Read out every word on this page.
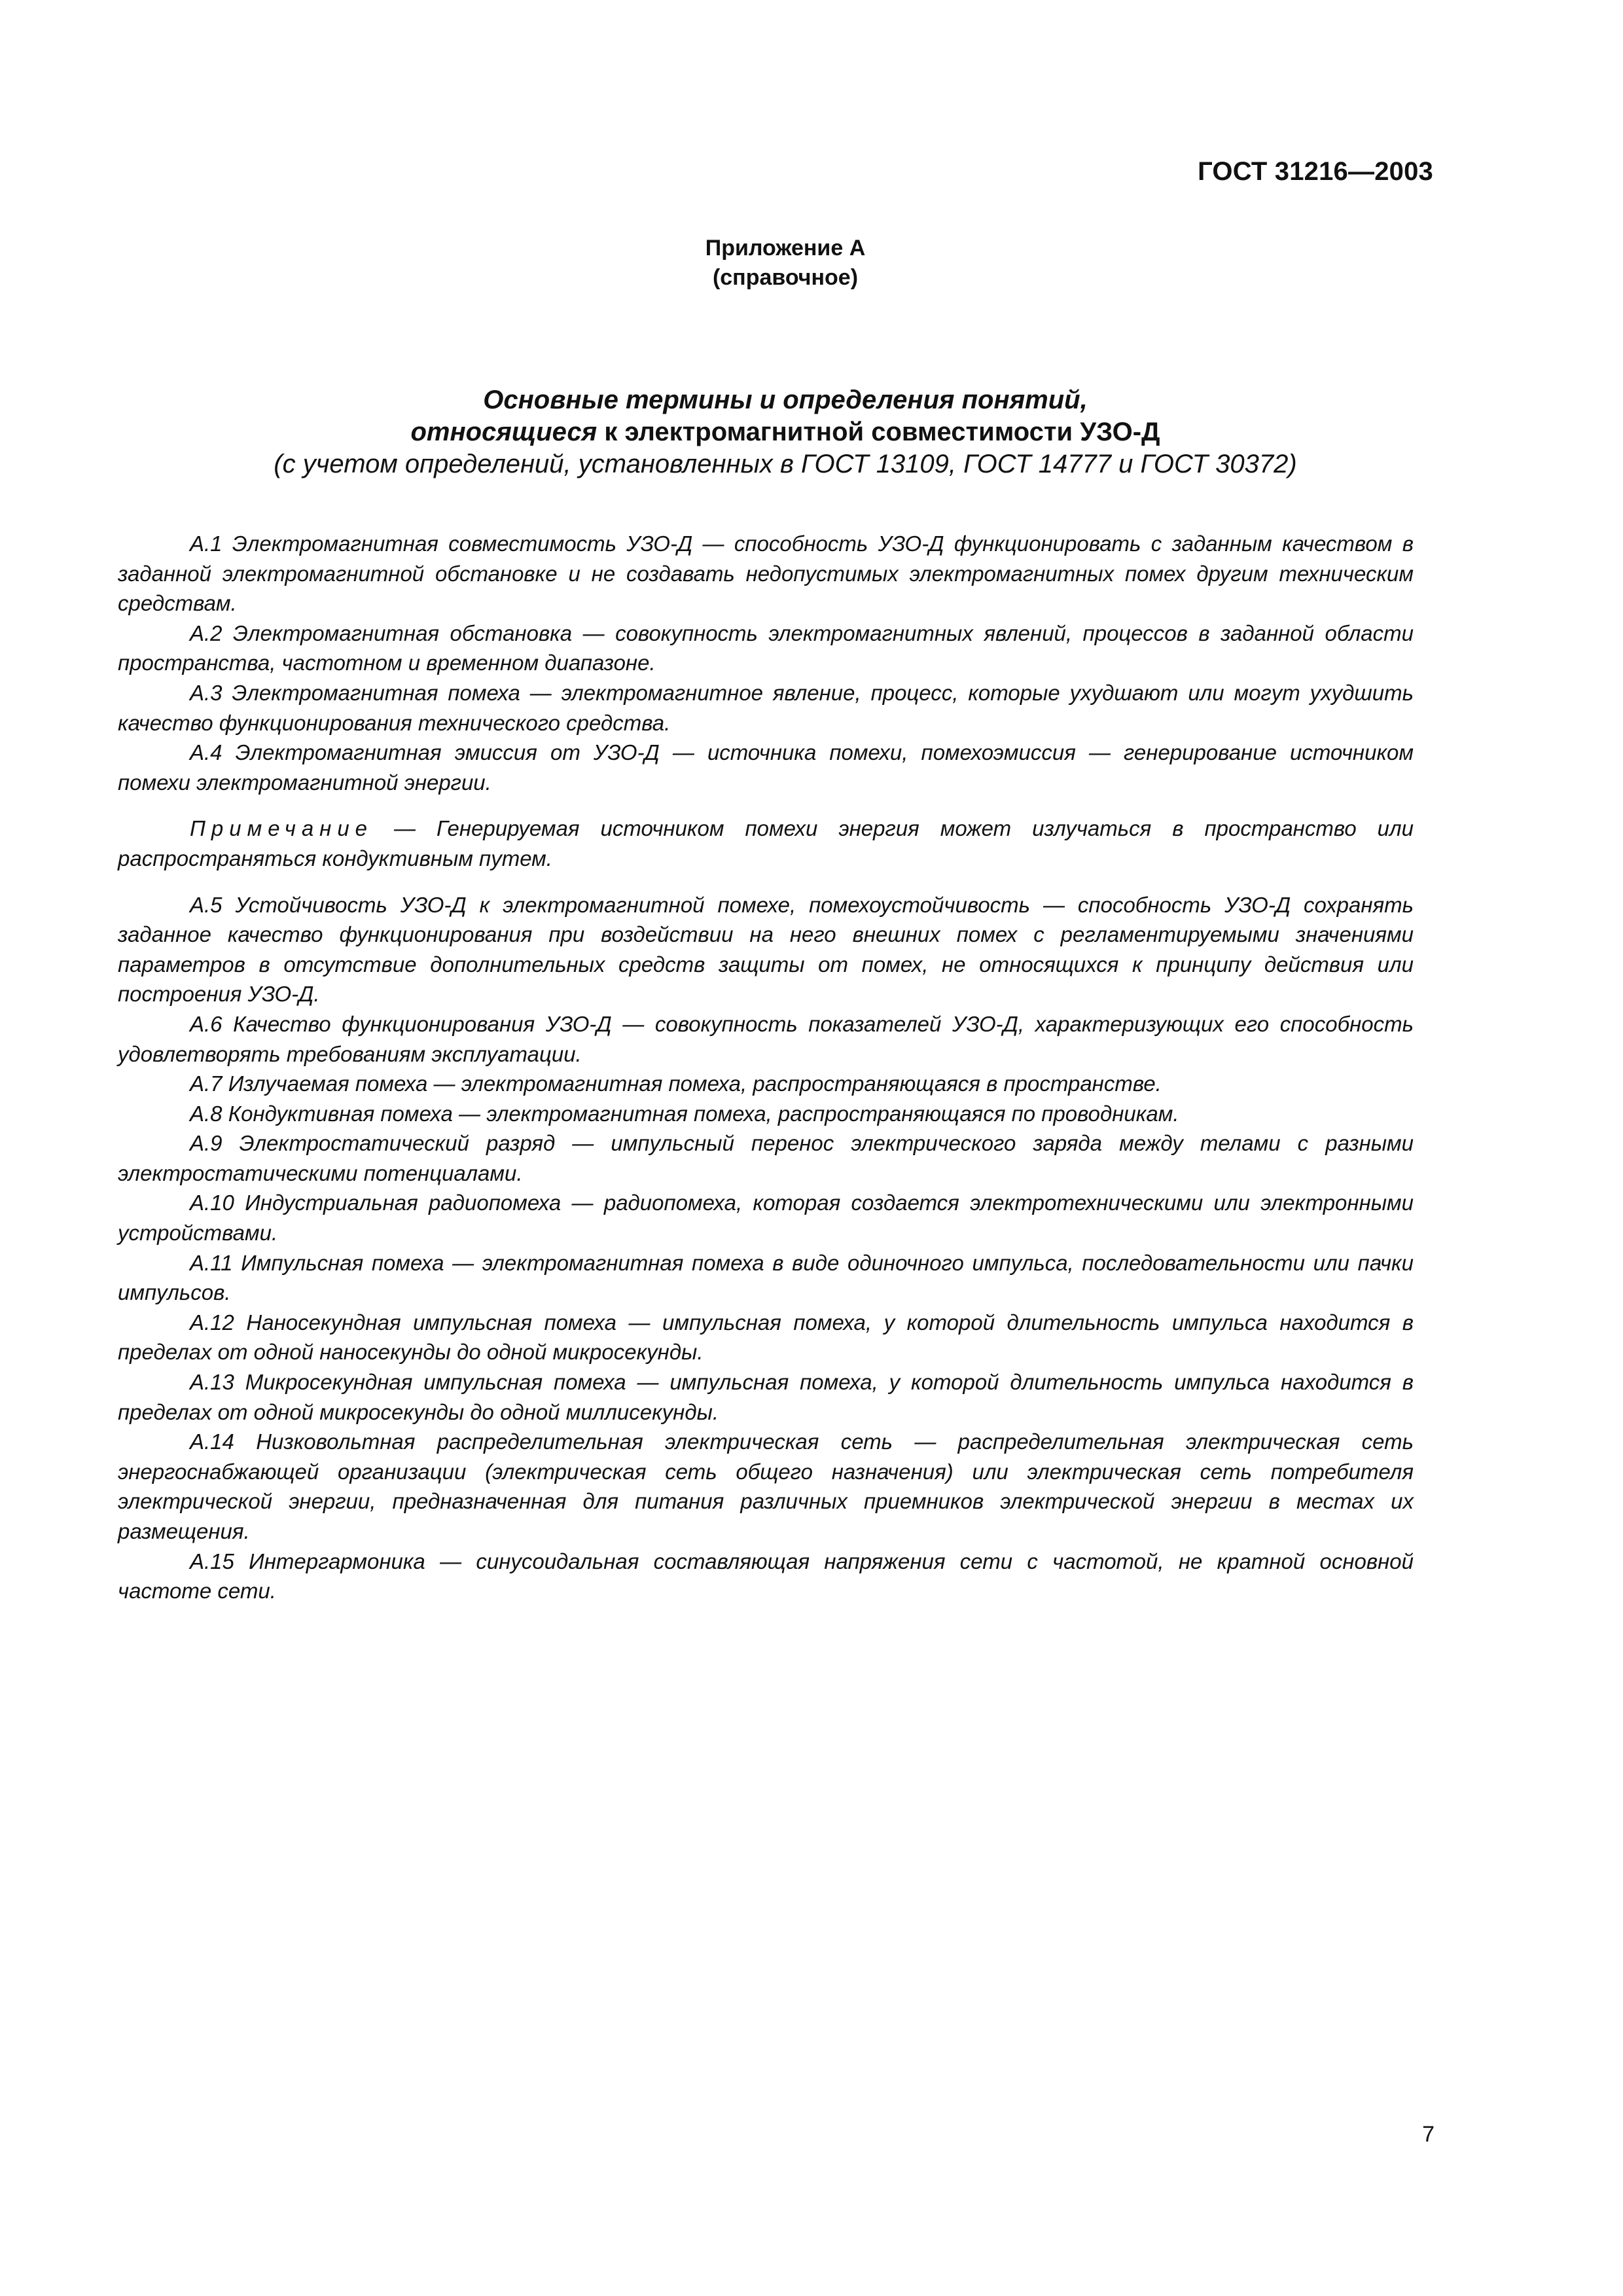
ГОСТ 31216—2003
Приложение А
(справочное)
Основные термины и определения понятий,
относящиеся к электромагнитной совместимости УЗО-Д
(с учетом определений, установленных в ГОСТ 13109, ГОСТ 14777 и ГОСТ 30372)

А.1 Электромагнитная совместимость УЗО-Д — способность УЗО-Д функционировать с заданным качеством в заданной электромагнитной обстановке и не создавать недопустимых электромагнитных помех другим техническим средствам.

А.2 Электромагнитная обстановка — совокупность электромагнитных явлений, процессов в заданной области пространства, частотном и временном диапазоне.

А.3 Электромагнитная помеха — электромагнитное явление, процесс, которые ухудшают или могут ухудшить качество функционирования технического средства.

А.4 Электромагнитная эмиссия от УЗО-Д — источника помехи, помехоэмиссия — генерирование источником помехи электромагнитной энергии.

Примечание — Генерируемая источником помехи энергия может излучаться в пространство или распространяться кондуктивным путем.

А.5 Устойчивость УЗО-Д к электромагнитной помехе, помехоустойчивость — способность УЗО-Д сохранять заданное качество функционирования при воздействии на него внешних помех с регламентируемыми значениями параметров в отсутствие дополнительных средств защиты от помех, не относящихся к принципу действия или построения УЗО-Д.

А.6 Качество функционирования УЗО-Д — совокупность показателей УЗО-Д, характеризующих его способность удовлетворять требованиям эксплуатации.

А.7 Излучаемая помеха — электромагнитная помеха, распространяющаяся в пространстве.

А.8 Кондуктивная помеха — электромагнитная помеха, распространяющаяся по проводникам.

А.9 Электростатический разряд — импульсный перенос электрического заряда между телами с разными электростатическими потенциалами.

А.10 Индустриальная радиопомеха — радиопомеха, которая создается электротехническими или электронными устройствами.

А.11 Импульсная помеха — электромагнитная помеха в виде одиночного импульса, последовательности или пачки импульсов.

А.12 Наносекундная импульсная помеха — импульсная помеха, у которой длительность импульса находится в пределах от одной наносекунды до одной микросекунды.

А.13 Микросекундная импульсная помеха — импульсная помеха, у которой длительность импульса находится в пределах от одной микросекунды до одной миллисекунды.

А.14 Низковольтная распределительная электрическая сеть — распределительная электрическая сеть энергоснабжающей организации (электрическая сеть общего назначения) или электрическая сеть потребителя электрической энергии, предназначенная для питания различных приемников электрической энергии в местах их размещения.

А.15 Интергармоника — синусоидальная составляющая напряжения сети с частотой, не кратной основной частоте сети.

7
